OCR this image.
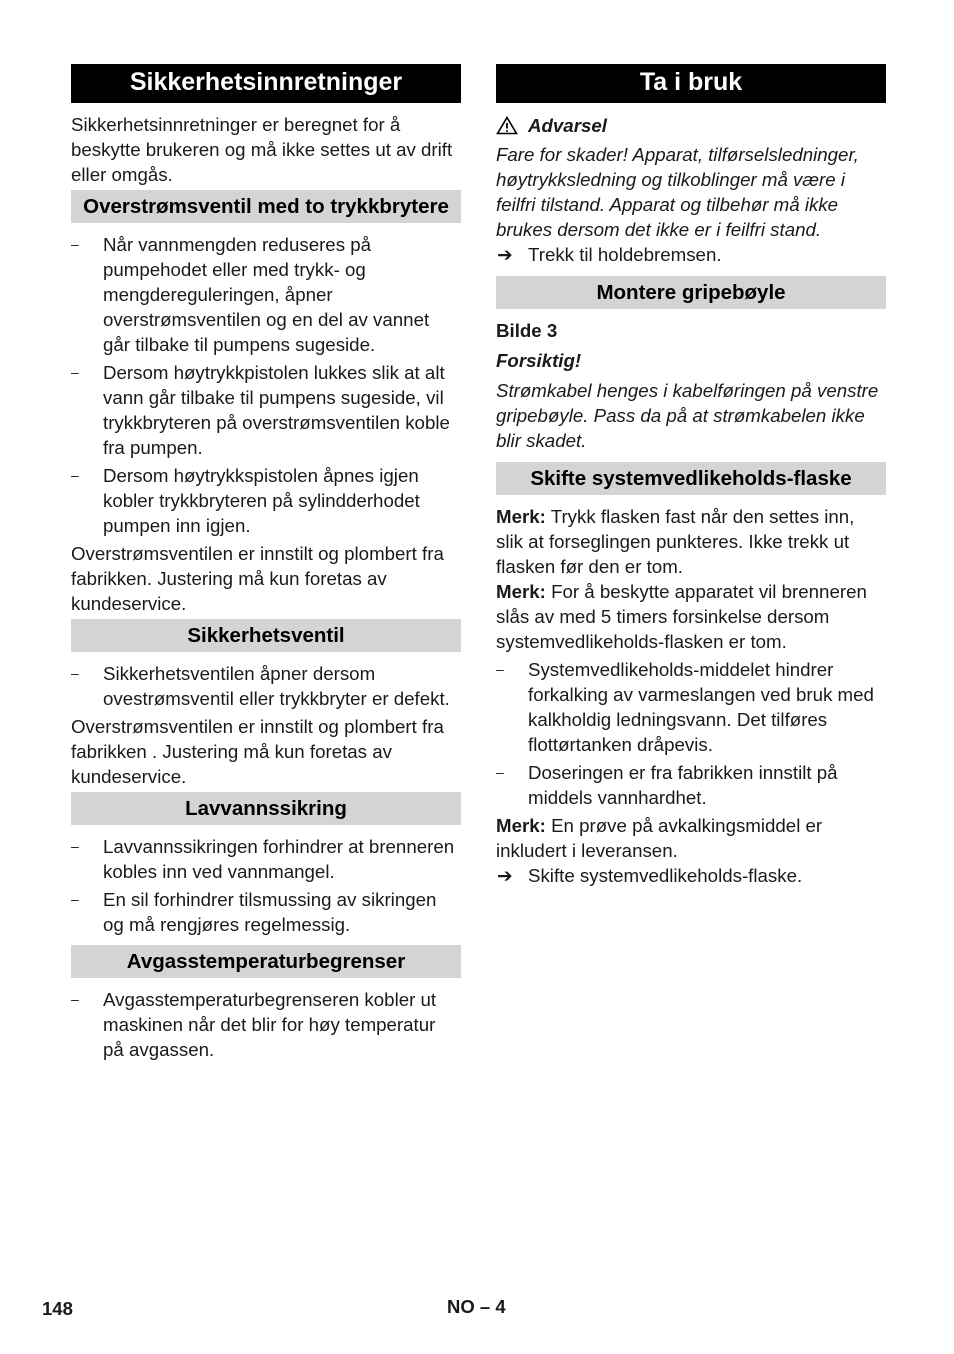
Sikkerhetsinnretninger

Sikkerhetsinnretninger er beregnet for å beskytte brukeren og må ikke settes ut av drift eller omgås.

Overstrømsventil med to trykkbrytere
– Når vannmengden reduseres på pumpehodet eller med trykk- og mengdereguleringen, åpner overstrømsventilen og en del av vannet går tilbake til pumpens sugeside.
– Dersom høytrykkpistolen lukkes slik at alt vann går tilbake til pumpens sugeside, vil trykkbryteren på overstrømsventilen koble fra pumpen.
– Dersom høytrykkspistolen åpnes igjen kobler trykkbryteren på sylindderhodet pumpen inn igjen.

Overstrømsventilen er innstilt og plombert fra fabrikken. Justering må kun foretas av kundeservice.

Sikkerhetsventil
– Sikkerhetsventilen åpner dersom ovestrømsventil eller trykkbryter er defekt.

Overstrømsventilen er innstilt og plombert fra fabrikken . Justering må kun foretas av kundeservice.

Lavvannssikring
– Lavvannssikringen forhindrer at brenneren kobles inn ved vannmangel.
– En sil forhindrer tilsmussing av sikringen og må rengjøres regelmessig.
Avgasstemperaturbegrenser
– Avgasstemperaturbegrenseren kobler ut maskinen når det blir for høy temperatur på avgassen.
Ta i bruk
Advarsel

Fare for skader! Apparat, tilførselsledninger, høytrykksledning og tilkoblinger må være i feilfri tilstand. Apparat og tilbehør må ikke brukes dersom det ikke er i feilfri stand.

➔ Trekk til holdebremsen.
Montere gripebøyle

Bilde 3

Forsiktig!

Strømkabel henges i kabelføringen på venstre gripebøyle. Pass da på at strømkabelen ikke blir skadet.

Skifte systemvedlikeholds-flaske

Merk: Trykk flasken fast når den settes inn, slik at forseglingen punkteres. Ikke trekk ut flasken før den er tom.

Merk: For å beskytte apparatet vil brenneren slås av med 5 timers forsinkelse dersom systemvedlikeholds-flasken er tom.

– Systemvedlikeholds-middelet hindrer forkalking av varmeslangen ved bruk med kalkholdig ledningsvann. Det tilføres flottørtanken dråpevis.
– Doseringen er fra fabrikken innstilt på middels vannhardhet.

Merk: En prøve på avkalkingsmiddel er inkludert i leveransen.

➔ Skifte systemvedlikeholds-flaske.
148	NO – 4
